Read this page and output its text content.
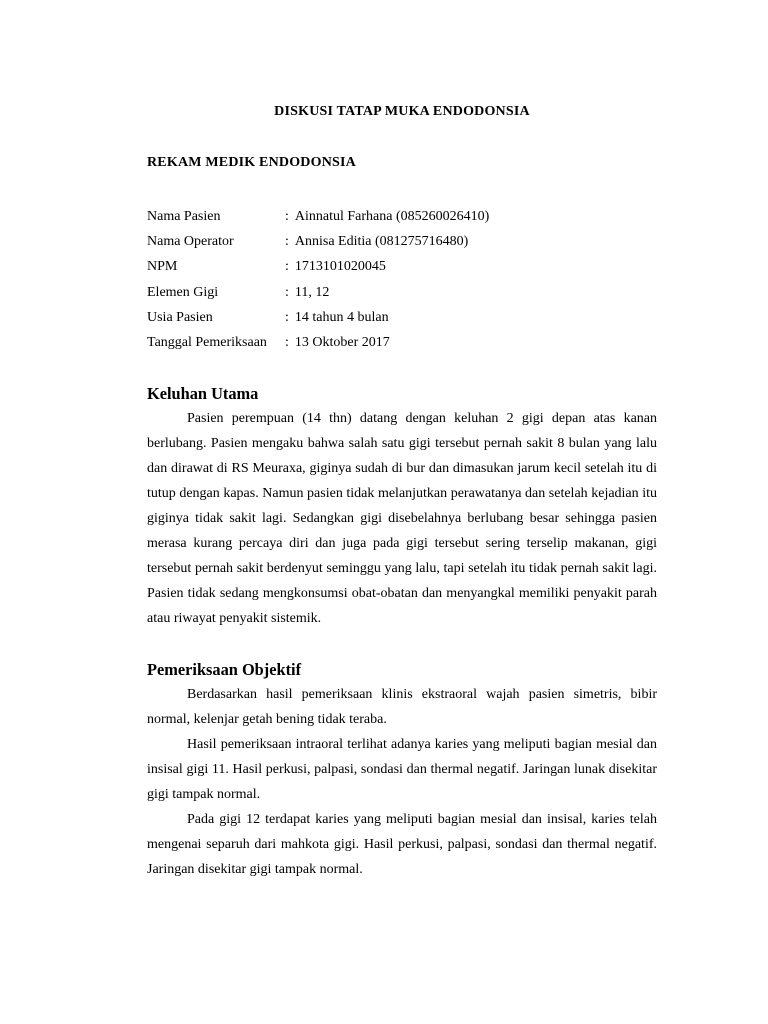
DISKUSI TATAP MUKA ENDODONSIA
REKAM MEDIK ENDODONSIA
Nama Pasien	: Ainnatul Farhana (085260026410)
Nama Operator	: Annisa Editia (081275716480)
NPM	: 1713101020045
Elemen Gigi	: 11, 12
Usia Pasien	: 14 tahun 4 bulan
Tanggal Pemeriksaan	: 13 Oktober 2017
Keluhan Utama

Pasien perempuan (14 thn) datang dengan keluhan 2 gigi depan atas kanan berlubang. Pasien mengaku bahwa salah satu gigi tersebut pernah sakit 8 bulan yang lalu dan dirawat di RS Meuraxa, giginya sudah di bur dan dimasukan jarum kecil setelah itu di tutup dengan kapas. Namun pasien tidak melanjutkan perawatanya dan setelah kejadian itu giginya tidak sakit lagi. Sedangkan gigi disebelahnya berlubang besar sehingga pasien merasa kurang percaya diri dan juga pada gigi tersebut sering terselip makanan, gigi tersebut pernah sakit berdenyut seminggu yang lalu, tapi setelah itu tidak pernah sakit lagi. Pasien tidak sedang mengkonsumsi obat-obatan dan menyangkal memiliki penyakit parah atau riwayat penyakit sistemik.

Pemeriksaan Objektif

Berdasarkan hasil pemeriksaan klinis ekstraoral wajah pasien simetris, bibir normal, kelenjar getah bening tidak teraba.

Hasil pemeriksaan intraoral terlihat adanya karies yang meliputi bagian mesial dan insisal gigi 11. Hasil perkusi, palpasi, sondasi dan thermal negatif. Jaringan lunak disekitar gigi tampak normal.

Pada gigi 12 terdapat karies yang meliputi bagian mesial dan insisal, karies telah mengenai separuh dari mahkota gigi. Hasil perkusi, palpasi, sondasi dan thermal negatif. Jaringan disekitar gigi tampak normal.
